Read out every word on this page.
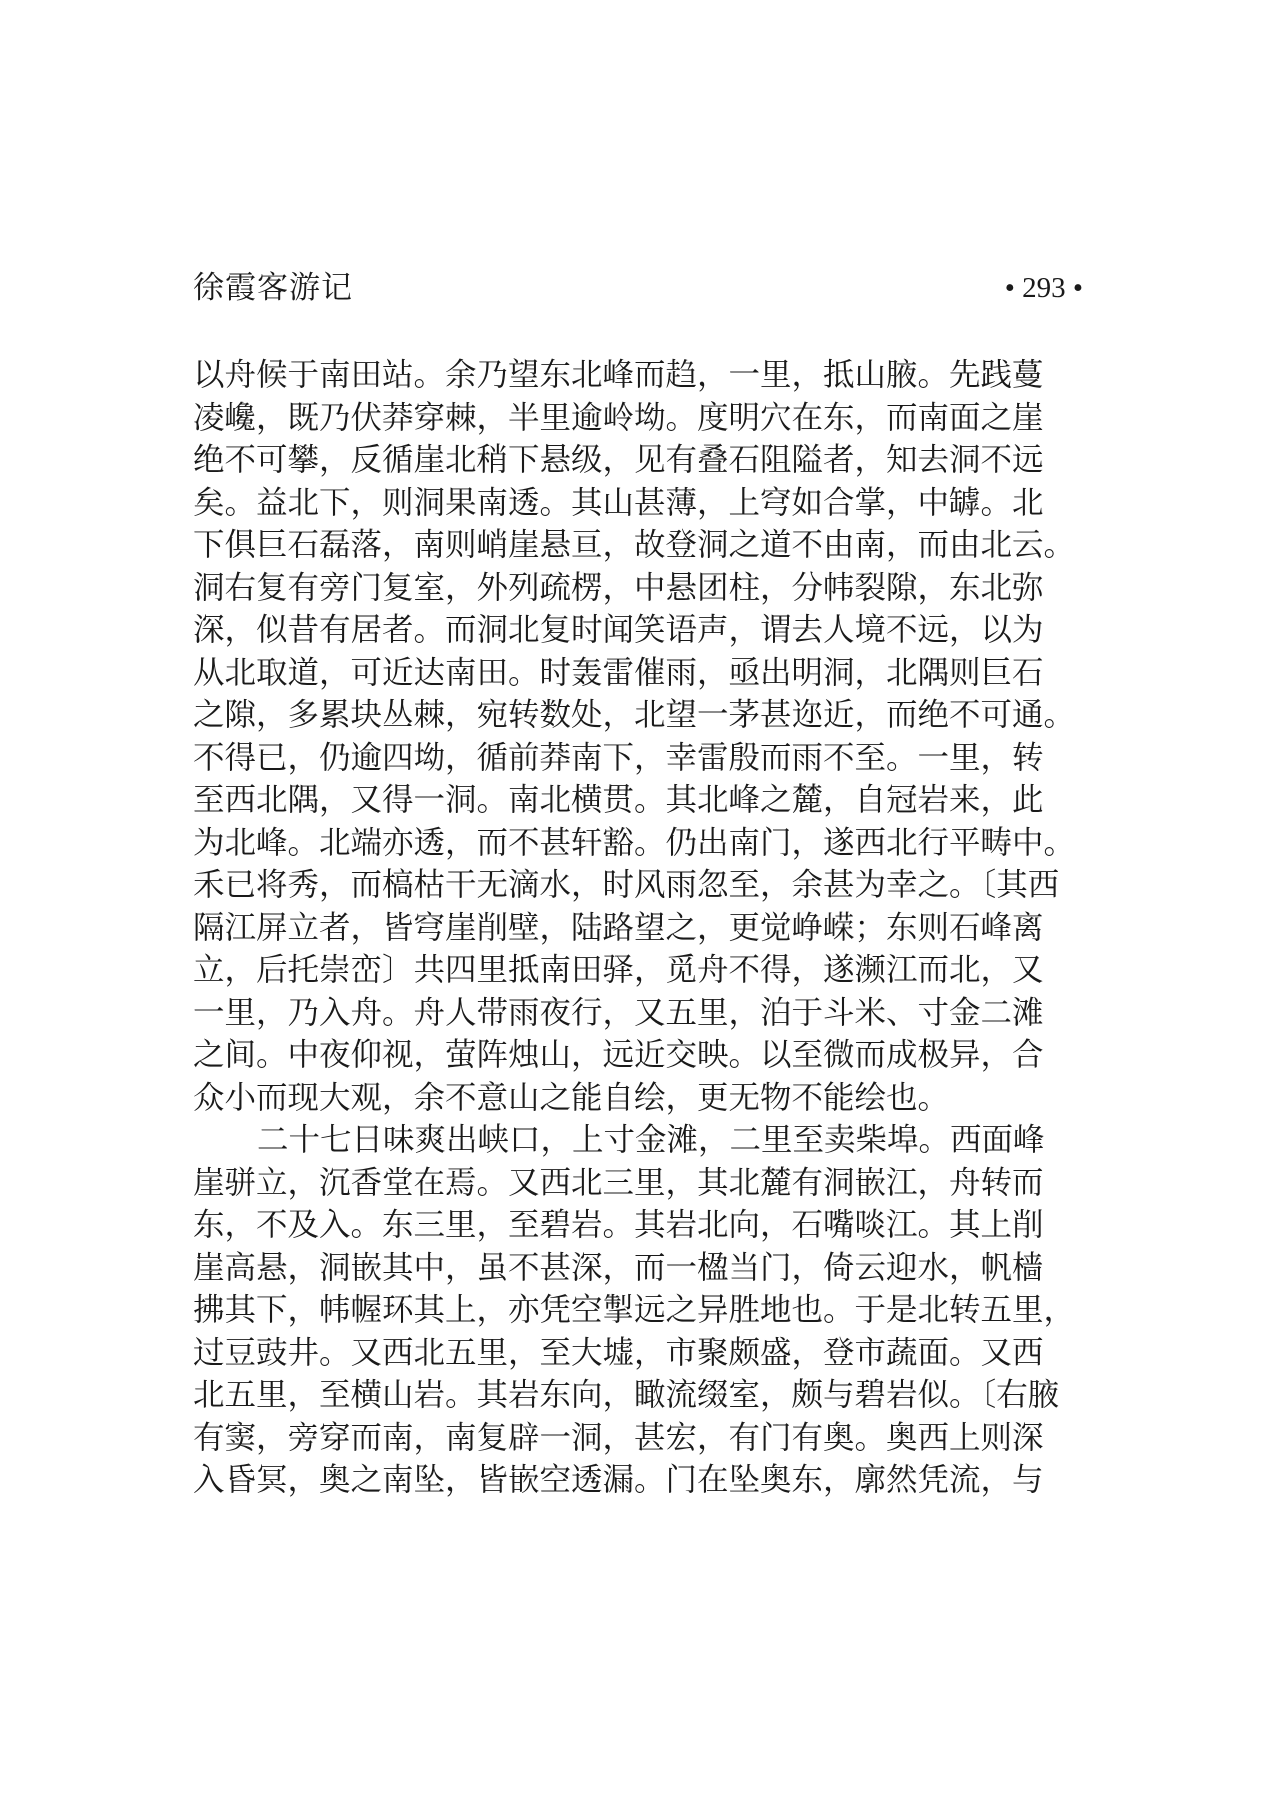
徐霞客游记	• 293 •
以舟候于南田站。余乃望东北峰而趋，一里，抵山腋。先践蔓
凌巉，既乃伏莽穿棘，半里逾岭坳。度明穴在东，而南面之崖
绝不可攀，反循崖北稍下悬级，见有叠石阻隘者，知去洞不远
矣。益北下，则洞果南透。其山甚薄，上穹如合掌，中罅。北
下俱巨石磊落，南则峭崖悬亘，故登洞之道不由南，而由北云。
洞右复有旁门复室，外列疏楞，中悬团柱，分帏裂隙，东北弥
深，似昔有居者。而洞北复时闻笑语声，谓去人境不远，以为
从北取道，可近达南田。时轰雷催雨，亟出明洞，北隅则巨石
之隙，多累块丛棘，宛转数处，北望一茅甚迩近，而绝不可通。
不得已，仍逾四坳，循前莽南下，幸雷殷而雨不至。一里，转
至西北隅，又得一洞。南北横贯。其北峰之麓，自冠岩来，此
为北峰。北端亦透，而不甚轩豁。仍出南门，遂西北行平畴中。
禾已将秀，而槁枯干无滴水，时风雨忽至，余甚为幸之。〔其西
隔江屏立者，皆穹崖削壁，陆路望之，更觉峥嵘；东则石峰离
立，后托崇峦〕共四里抵南田驿，觅舟不得，遂濒江而北，又
一里，乃入舟。舟人带雨夜行，又五里，泊于斗米、寸金二滩
之间。中夜仰视，萤阵烛山，远近交映。以至微而成极异，合
众小而现大观，余不意山之能自绘，更无物不能绘也。
二十七日味爽出峡口，上寸金滩，二里至卖柴埠。西面峰
崖骈立，沉香堂在焉。又西北三里，其北麓有洞嵌江，舟转而
东，不及入。东三里，至碧岩。其岩北向，石嘴啖江。其上削
崖高悬，洞嵌其中，虽不甚深，而一楹当门，倚云迎水，帆樯
拂其下，帏幄环其上，亦凭空掣远之异胜地也。于是北转五里，
过豆豉井。又西北五里，至大墟，市聚颇盛，登市蔬面。又西
北五里，至横山岩。其岩东向，瞰流缀室，颇与碧岩似。〔右腋
有窦，旁穿而南，南复辟一洞，甚宏，有门有奥。奥西上则深
入昏冥，奥之南坠，皆嵌空透漏。门在坠奥东，廓然凭流，与
